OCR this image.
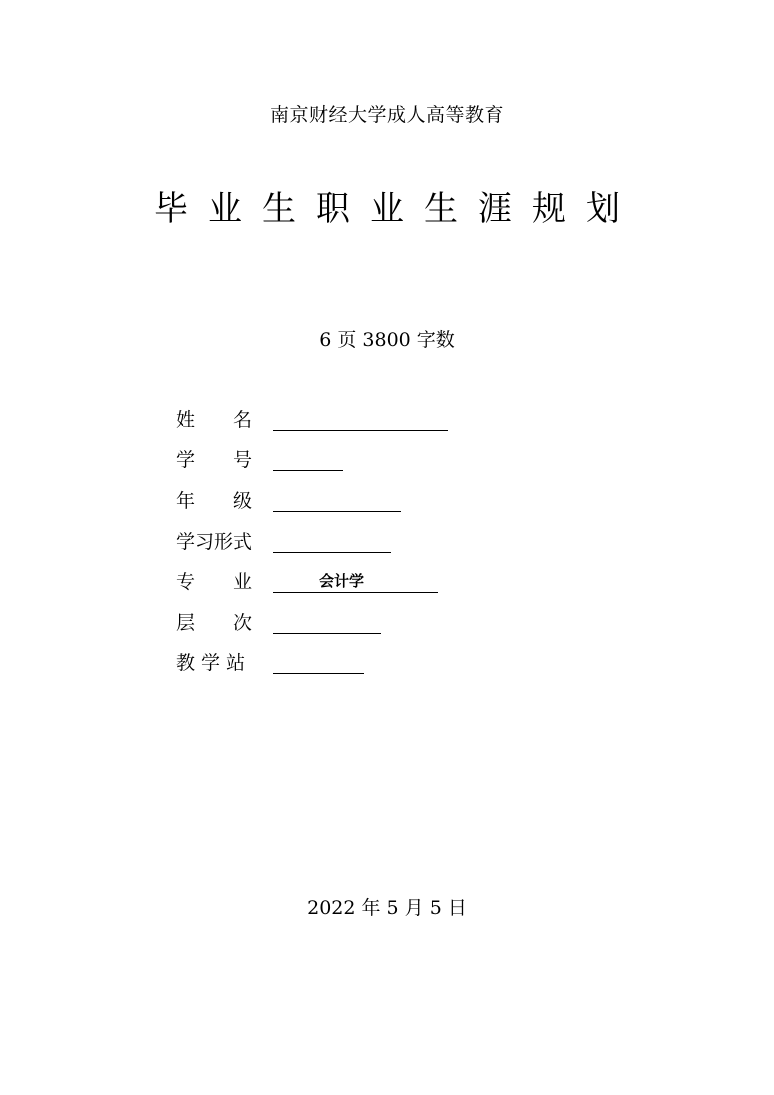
南京财经大学成人高等教育
毕业生职业生涯规划
6 页 3800 字数
姓　　名
学　　号
年　　级
学习形式
专　　业	会计学
层　　次
教 学 站
2022 年 5 月 5 日
